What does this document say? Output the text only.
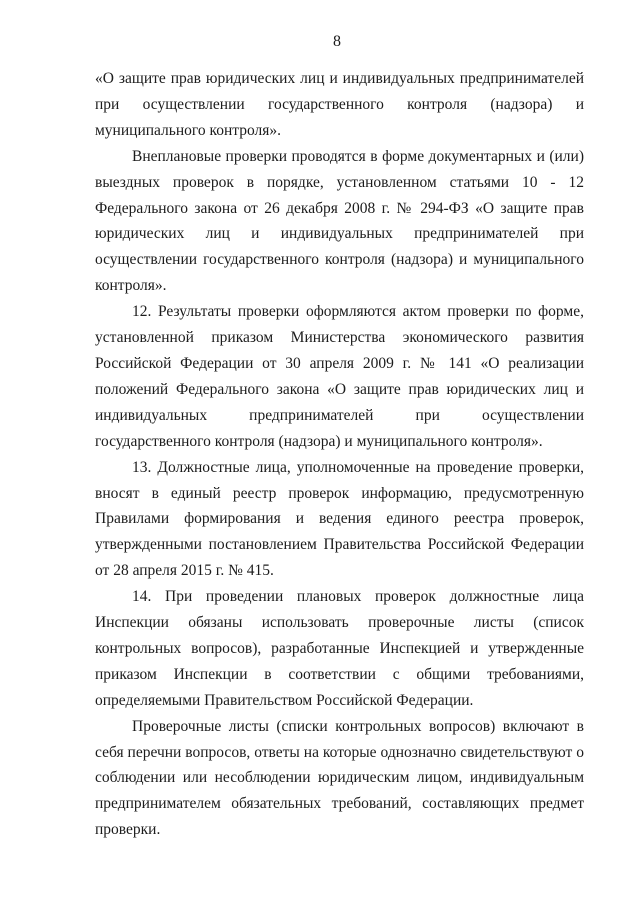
8

«О защите прав юридических лиц и индивидуальных предпринимателей при осуществлении государственного контроля (надзора) и муниципального контроля».

Внеплановые проверки проводятся в форме документарных и (или) выездных проверок в порядке, установленном статьями 10 - 12 Федерального закона от 26 декабря 2008 г. № 294-ФЗ «О защите прав юридических лиц и индивидуальных предпринимателей при осуществлении государственного контроля (надзора) и муниципального контроля».

12. Результаты проверки оформляются актом проверки по форме, установленной приказом Министерства экономического развития Российской Федерации от 30 апреля 2009 г. № 141 «О реализации положений Федерального закона «О защите прав юридических лиц и индивидуальных предпринимателей при осуществлении государственного контроля (надзора) и муниципального контроля».

13. Должностные лица, уполномоченные на проведение проверки, вносят в единый реестр проверок информацию, предусмотренную Правилами формирования и ведения единого реестра проверок, утвержденными постановлением Правительства Российской Федерации от 28 апреля 2015 г. № 415.

14. При проведении плановых проверок должностные лица Инспекции обязаны использовать проверочные листы (список контрольных вопросов), разработанные Инспекцией и утвержденные приказом Инспекции в соответствии с общими требованиями, определяемыми Правительством Российской Федерации.

Проверочные листы (списки контрольных вопросов) включают в себя перечни вопросов, ответы на которые однозначно свидетельствуют о соблюдении или несоблюдении юридическим лицом, индивидуальным предпринимателем обязательных требований, составляющих предмет проверки.
